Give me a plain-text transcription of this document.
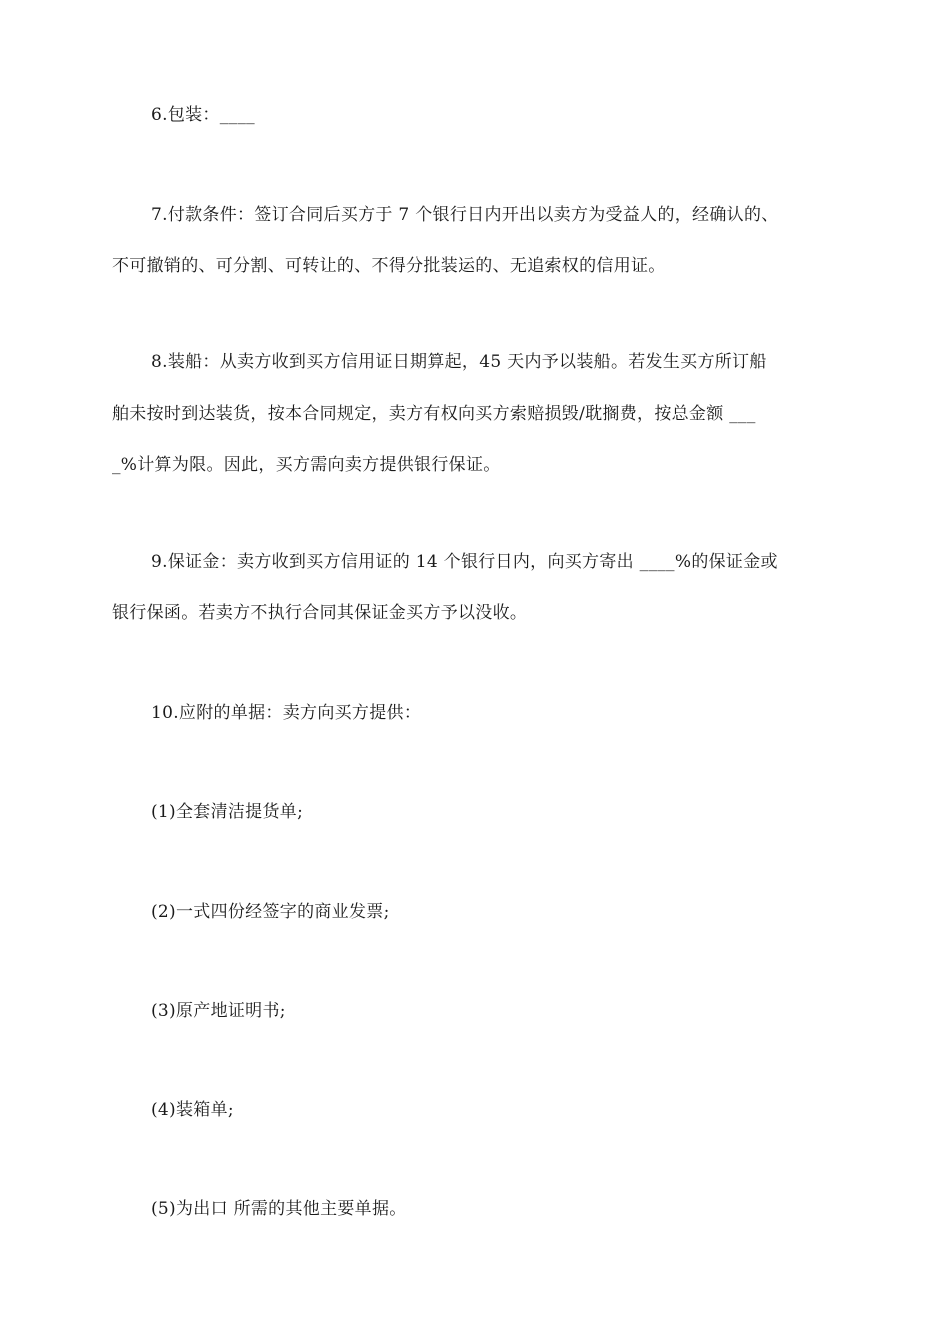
6.包装：____
7.付款条件：签订合同后买方于 7 个银行日内开出以卖方为受益人的，经确认的、
不可撤销的、可分割、可转让的、不得分批装运的、无追索权的信用证。
8.装船：从卖方收到买方信用证日期算起，45 天内予以装船。若发生买方所订船
舶未按时到达装货，按本合同规定，卖方有权向买方索赔损毁/耽搁费，按总金额 ___
_%计算为限。因此，买方需向卖方提供银行保证。
9.保证金：卖方收到买方信用证的 14 个银行日内，向买方寄出 ____%的保证金或
银行保函。若卖方不执行合同其保证金买方予以没收。
10.应附的单据：卖方向买方提供：
(1)全套清洁提货单;
(2)一式四份经签字的商业发票;
(3)原产地证明书;
(4)装箱单;
(5)为出口 所需的其他主要单据。
